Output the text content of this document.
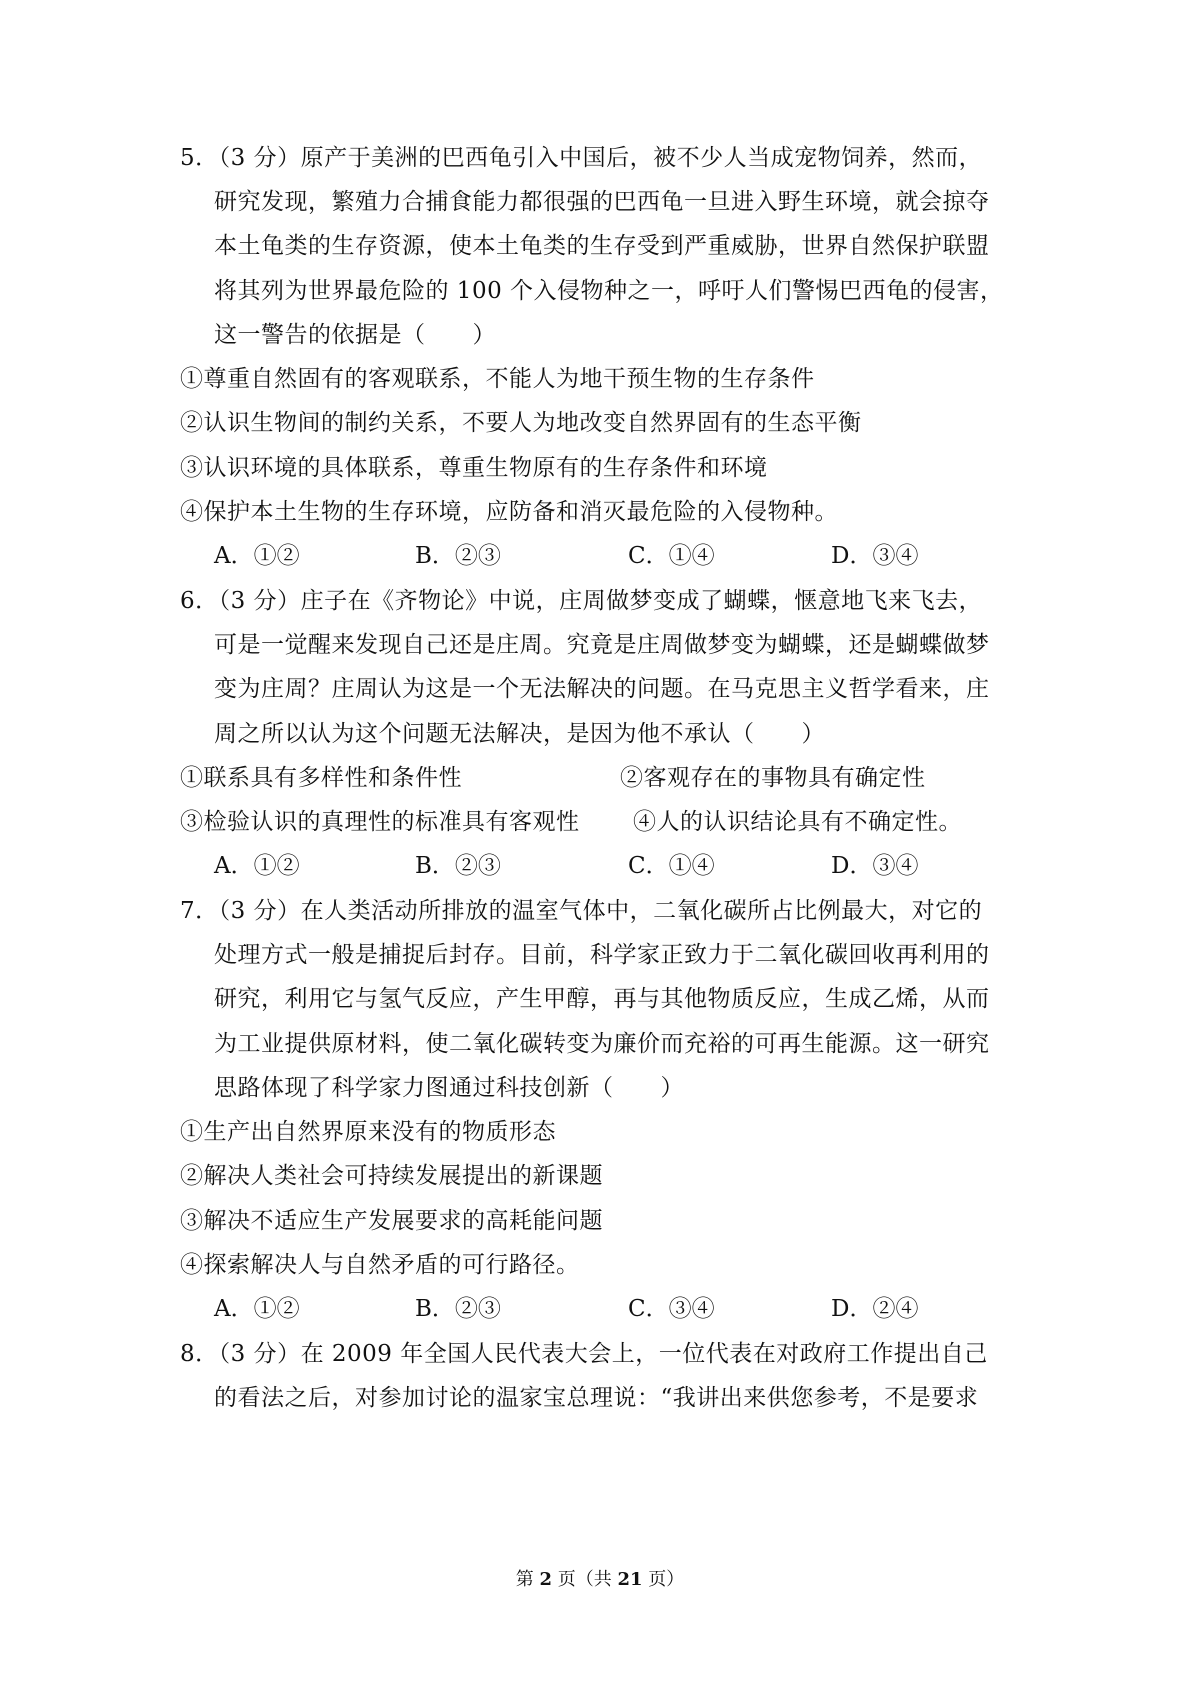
5．（3 分）原产于美洲的巴西龟引入中国后，被不少人当成宠物饲养，然而，
研究发现，繁殖力合捕食能力都很强的巴西龟一旦进入野生环境，就会掠夺
本土龟类的生存资源，使本土龟类的生存受到严重威胁，世界自然保护联盟
将其列为世界最危险的 100 个入侵物种之一，呼吁人们警惕巴西龟的侵害，
这一警告的依据是（　　）
①尊重自然固有的客观联系，不能人为地干预生物的生存条件
②认识生物间的制约关系，不要人为地改变自然界固有的生态平衡
③认识环境的具体联系，尊重生物原有的生存条件和环境
④保护本土生物的生存环境，应防备和消灭最危险的入侵物种。
A．①②	B．②③	C．①④	D．③④
6．（3 分）庄子在《齐物论》中说，庄周做梦变成了蝴蝶，惬意地飞来飞去，
可是一觉醒来发现自己还是庄周。究竟是庄周做梦变为蝴蝶，还是蝴蝶做梦
变为庄周？庄周认为这是一个无法解决的问题。在马克思主义哲学看来，庄
周之所以认为这个问题无法解决，是因为他不承认（　　）
①联系具有多样性和条件性	②客观存在的事物具有确定性
③检验认识的真理性的标准具有客观性 ④人的认识结论具有不确定性。
A．①②	B．②③	C．①④	D．③④
7．（3 分）在人类活动所排放的温室气体中，二氧化碳所占比例最大，对它的
处理方式一般是捕捉后封存。目前，科学家正致力于二氧化碳回收再利用的
研究，利用它与氢气反应，产生甲醇，再与其他物质反应，生成乙烯，从而
为工业提供原材料，使二氧化碳转变为廉价而充裕的可再生能源。这一研究
思路体现了科学家力图通过科技创新（　　）
①生产出自然界原来没有的物质形态
②解决人类社会可持续发展提出的新课题
③解决不适应生产发展要求的高耗能问题
④探索解决人与自然矛盾的可行路径。
A．①②	B．②③	C．③④	D．②④
8．（3 分）在 2009 年全国人民代表大会上，一位代表在对政府工作提出自己
的看法之后，对参加讨论的温家宝总理说：“我讲出来供您参考，不是要求
第 2 页（共 21 页）
